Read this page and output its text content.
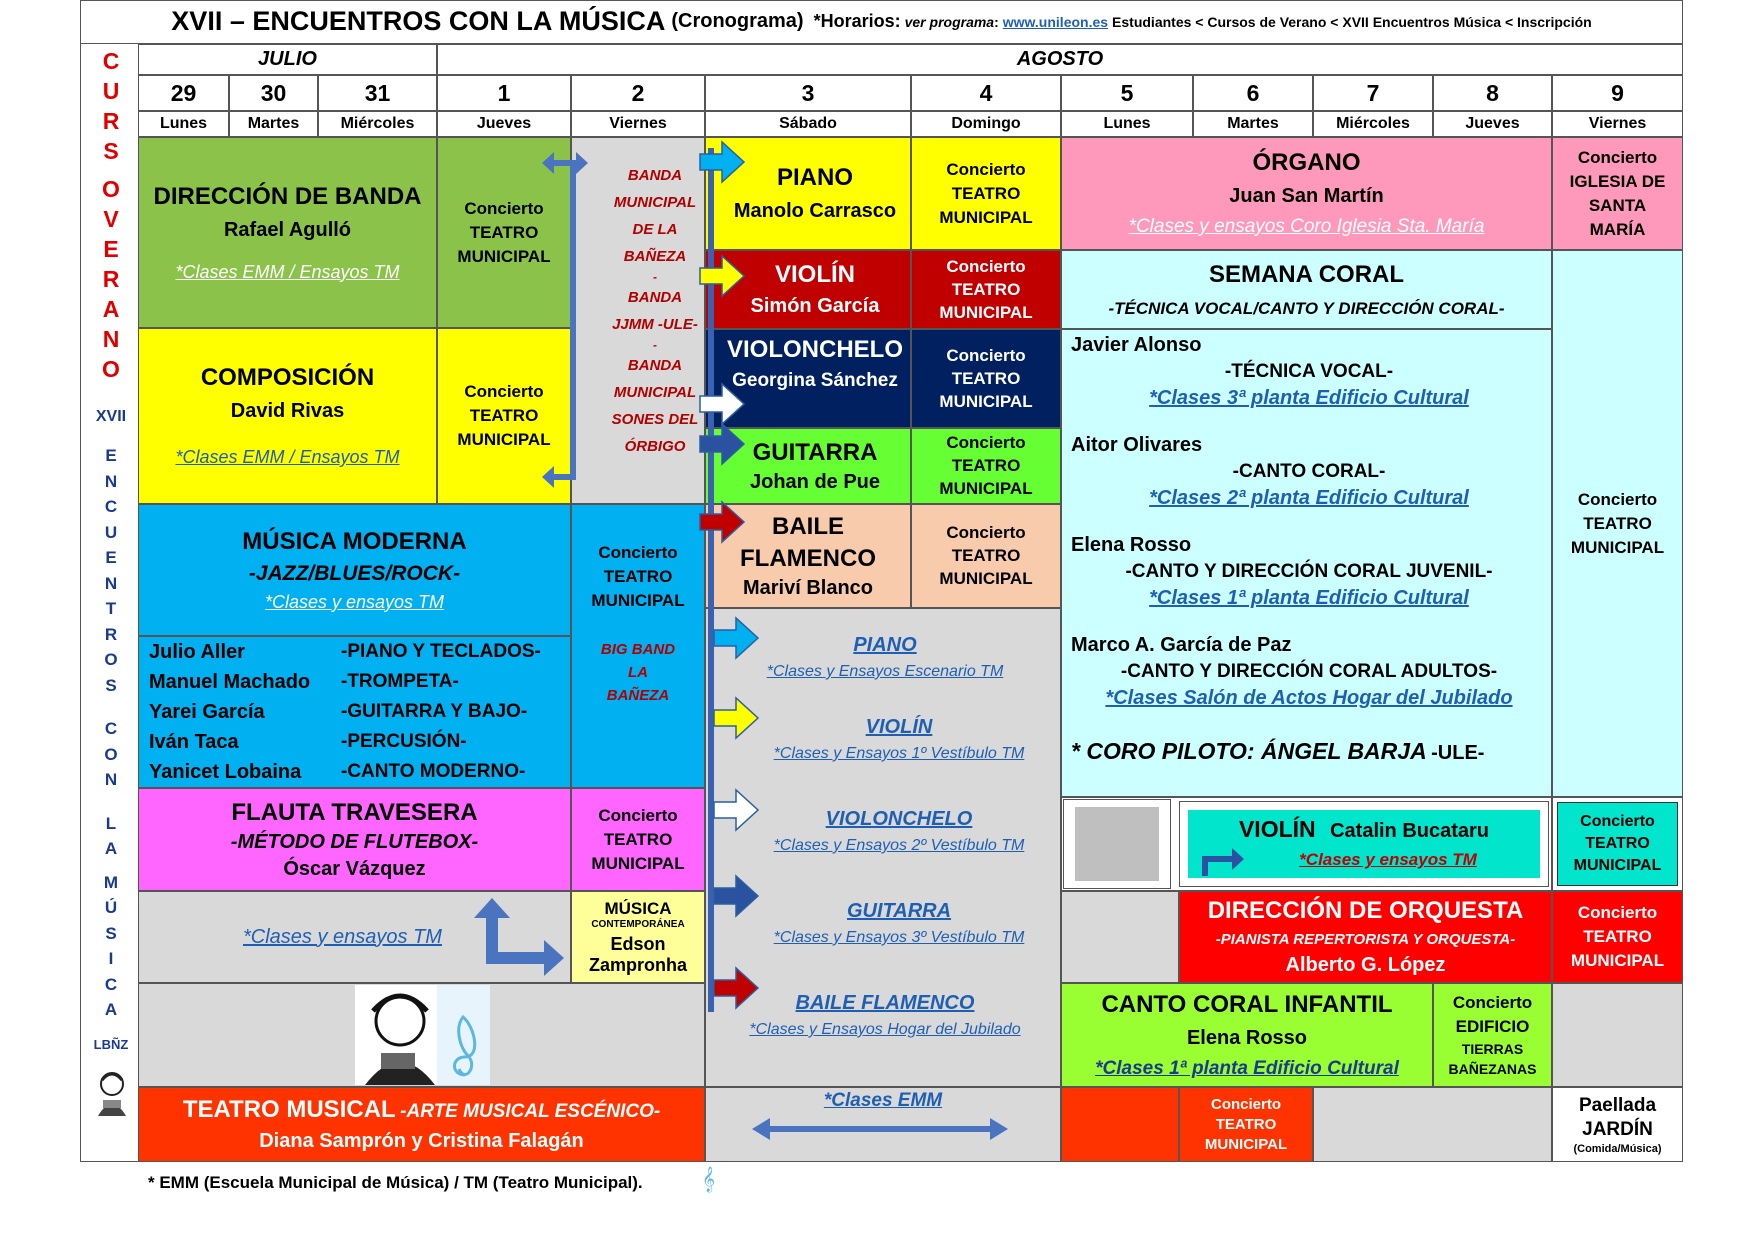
XVII – ENCUENTROS CON LA MÚSICA (Cronograma) *Horarios: ver programa : www.unileon.es Estudiantes < Cursos de Verano < XVII Encuentros Música < Inscripción
C
U
R
S
O
V
E
R
A
N
O
XVII
E
N
C
U
E
N
T
R
O
S
C
O
N
L
A
M
Ú
S
I
C
A
LBÑZ
JULIO	AGOSTO
29	30	31	1	2	3	4	5	6	7	8	9
Lunes	Martes	Miércoles	Jueves	Viernes	Sábado	Domingo	Lunes	Martes	Miércoles	Jueves	Viernes
DIRECCIÓN DE BANDA
Rafael Agulló
*Clases EMM / Ensayos TM
Concierto
TEATRO
MUNICIPAL
COMPOSICIÓN
David Rivas
*Clases EMM / Ensayos TM
Concierto
TEATRO
MUNICIPAL
BANDA
MUNICIPAL
DE LA
BAÑEZA
-
BANDA
JJMM -ULE-
-
BANDA
MUNICIPAL
SONES DEL
ÓRBIGO
MÚSICA MODERNA
-JAZZ/BLUES/ROCK-
*Clases y ensayos TM
Julio Aller	-PIANO Y TECLADOS-
Manuel Machado	-TROMPETA-
Yarei García	-GUITARRA Y BAJO-
Iván Taca	-PERCUSIÓN-
Yanicet Lobaina	-CANTO MODERNO-
Concierto
TEATRO
MUNICIPAL
BIG BAND
LA
BAÑEZA
FLAUTA TRAVESERA
-MÉTODO DE FLUTEBOX-
Óscar Vázquez
Concierto
TEATRO
MUNICIPAL
*Clases y ensayos TM
MÚSICA
CONTEMPORÁNEA
Edson
Zampronha
TEATRO MUSICAL -ARTE MUSICAL ESCÉNICO-
Diana Samprón y Cristina Falagán
PIANO
Manolo Carrasco
Concierto
TEATRO
MUNICIPAL
VIOLÍN
Simón García
Concierto
TEATRO
MUNICIPAL
VIOLONCHELO
Georgina Sánchez
Concierto
TEATRO
MUNICIPAL
GUITARRA
Johan de Pue
Concierto
TEATRO
MUNICIPAL
BAILE
FLAMENCO
Mariví Blanco
Concierto
TEATRO
MUNICIPAL
PIANO
*Clases y Ensayos Escenario TM
VIOLÍN
*Clases y Ensayos 1º Vestíbulo TM
VIOLONCHELO
*Clases y Ensayos 2º Vestíbulo TM
GUITARRA
*Clases y Ensayos 3º Vestíbulo TM
BAILE FLAMENCO
*Clases y Ensayos Hogar del Jubilado
*Clases EMM
ÓRGANO
Juan San Martín
*Clases y ensayos Coro Iglesia Sta. María
Concierto
IGLESIA DE
SANTA
MARÍA
SEMANA CORAL
-TÉCNICA VOCAL/CANTO Y DIRECCIÓN CORAL-
Javier Alonso
-TÉCNICA VOCAL-
*Clases 3ª planta Edificio Cultural
Aitor Olivares
-CANTO CORAL-
*Clases 2ª planta Edificio Cultural
Elena Rosso
-CANTO Y DIRECCIÓN CORAL JUVENIL-
*Clases 1ª planta Edificio Cultural
Marco A. García de Paz
-CANTO Y DIRECCIÓN CORAL ADULTOS-
*Clases Salón de Actos Hogar del Jubilado
* CORO PILOTO: ÁNGEL BARJA -ULE-
Concierto
TEATRO
MUNICIPAL
VIOLÍN Catalin Bucataru
*Clases y ensayos TM
Concierto
TEATRO
MUNICIPAL
DIRECCIÓN DE ORQUESTA
-PIANISTA REPERTORISTA Y ORQUESTA-
Alberto G. López
Concierto
TEATRO
MUNICIPAL
CANTO CORAL INFANTIL
Elena Rosso
*Clases 1ª planta Edificio Cultural
Concierto
EDIFICIO
TIERRAS
BAÑEZANAS
Concierto
TEATRO
MUNICIPAL
Paellada
JARDÍN
(Comida/Música)
* EMM (Escuela Municipal de Música) / TM (Teatro Municipal).	𝄞
